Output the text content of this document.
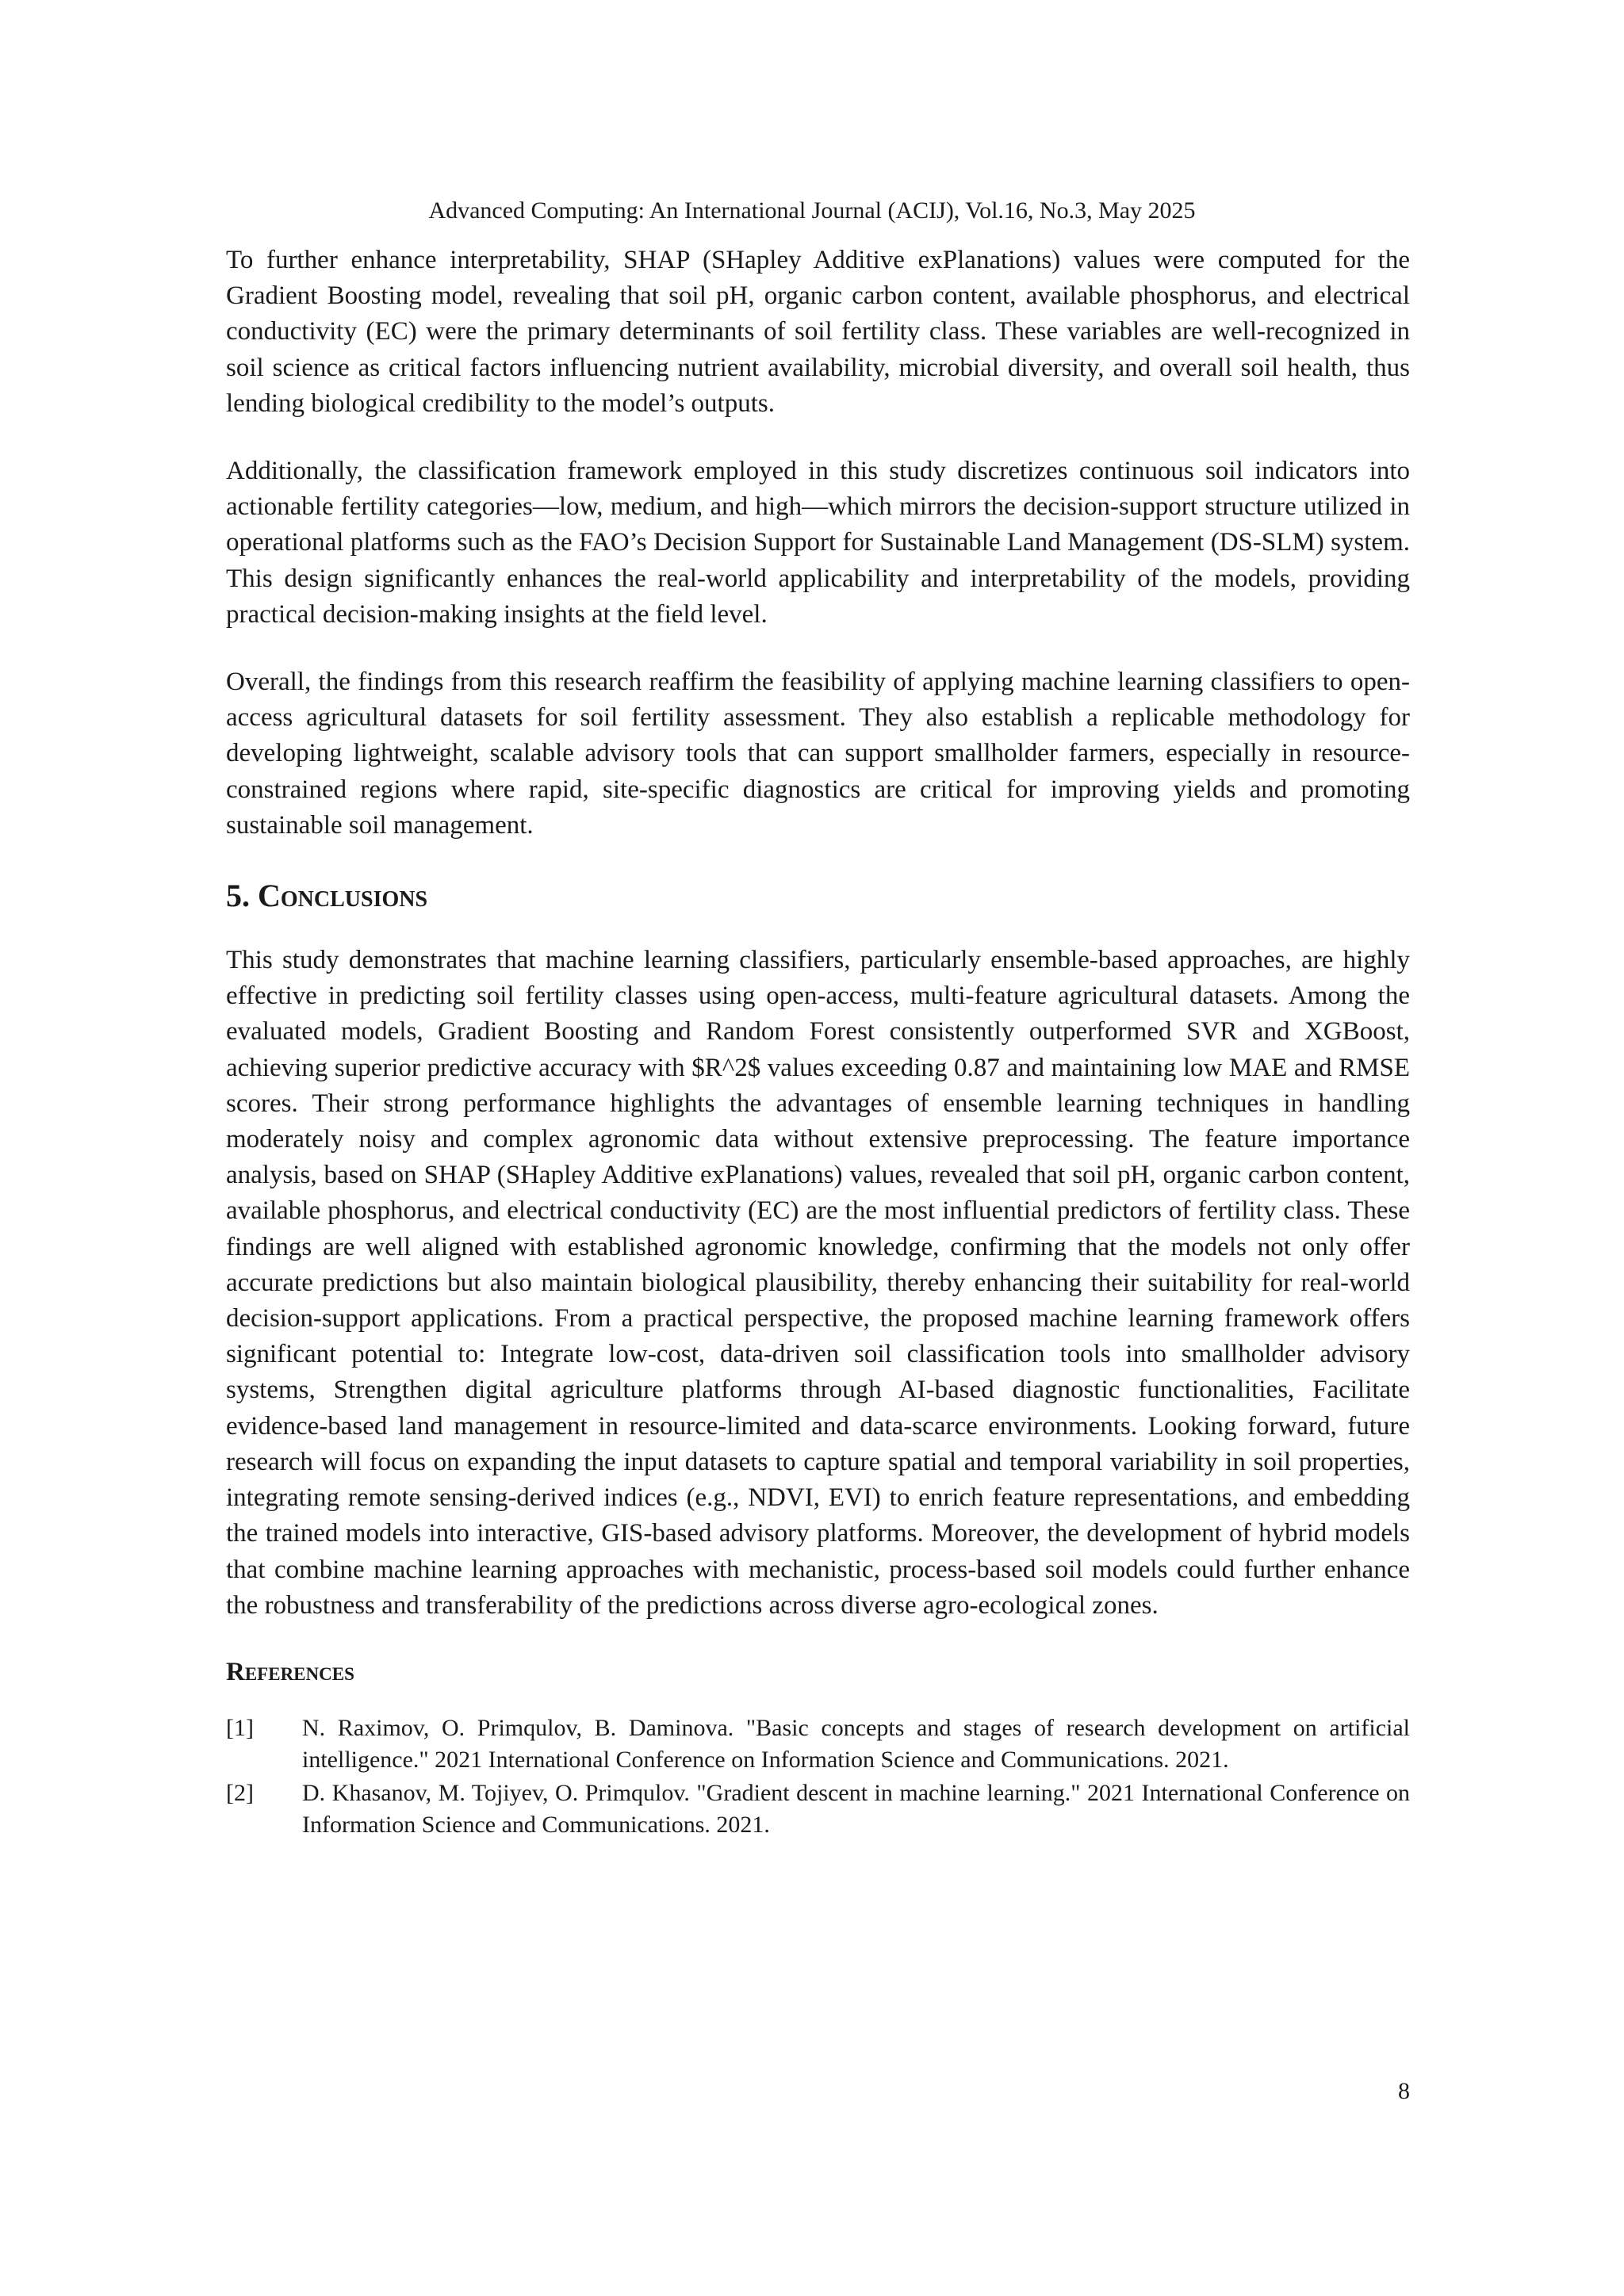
Advanced Computing: An International Journal (ACIJ), Vol.16, No.3, May 2025

To further enhance interpretability, SHAP (SHapley Additive exPlanations) values were computed for the Gradient Boosting model, revealing that soil pH, organic carbon content, available phosphorus, and electrical conductivity (EC) were the primary determinants of soil fertility class. These variables are well-recognized in soil science as critical factors influencing nutrient availability, microbial diversity, and overall soil health, thus lending biological credibility to the model’s outputs.

Additionally, the classification framework employed in this study discretizes continuous soil indicators into actionable fertility categories—low, medium, and high—which mirrors the decision-support structure utilized in operational platforms such as the FAO’s Decision Support for Sustainable Land Management (DS-SLM) system. This design significantly enhances the real-world applicability and interpretability of the models, providing practical decision-making insights at the field level.

Overall, the findings from this research reaffirm the feasibility of applying machine learning classifiers to open-access agricultural datasets for soil fertility assessment. They also establish a replicable methodology for developing lightweight, scalable advisory tools that can support smallholder farmers, especially in resource-constrained regions where rapid, site-specific diagnostics are critical for improving yields and promoting sustainable soil management.

5. Conclusions

This study demonstrates that machine learning classifiers, particularly ensemble-based approaches, are highly effective in predicting soil fertility classes using open-access, multi-feature agricultural datasets. Among the evaluated models, Gradient Boosting and Random Forest consistently outperformed SVR and XGBoost, achieving superior predictive accuracy with $R^2$ values exceeding 0.87 and maintaining low MAE and RMSE scores. Their strong performance highlights the advantages of ensemble learning techniques in handling moderately noisy and complex agronomic data without extensive preprocessing. The feature importance analysis, based on SHAP (SHapley Additive exPlanations) values, revealed that soil pH, organic carbon content, available phosphorus, and electrical conductivity (EC) are the most influential predictors of fertility class. These findings are well aligned with established agronomic knowledge, confirming that the models not only offer accurate predictions but also maintain biological plausibility, thereby enhancing their suitability for real-world decision-support applications. From a practical perspective, the proposed machine learning framework offers significant potential to: Integrate low-cost, data-driven soil classification tools into smallholder advisory systems, Strengthen digital agriculture platforms through AI-based diagnostic functionalities, Facilitate evidence-based land management in resource-limited and data-scarce environments. Looking forward, future research will focus on expanding the input datasets to capture spatial and temporal variability in soil properties, integrating remote sensing-derived indices (e.g., NDVI, EVI) to enrich feature representations, and embedding the trained models into interactive, GIS-based advisory platforms. Moreover, the development of hybrid models that combine machine learning approaches with mechanistic, process-based soil models could further enhance the robustness and transferability of the predictions across diverse agro-ecological zones.

References
[1]	N. Raximov, O. Primqulov, B. Daminova. "Basic concepts and stages of research development on artificial intelligence." 2021 International Conference on Information Science and Communications. 2021.
[2]	D. Khasanov, M. Tojiyev, O. Primqulov. "Gradient descent in machine learning." 2021 International Conference on Information Science and Communications. 2021.

8
